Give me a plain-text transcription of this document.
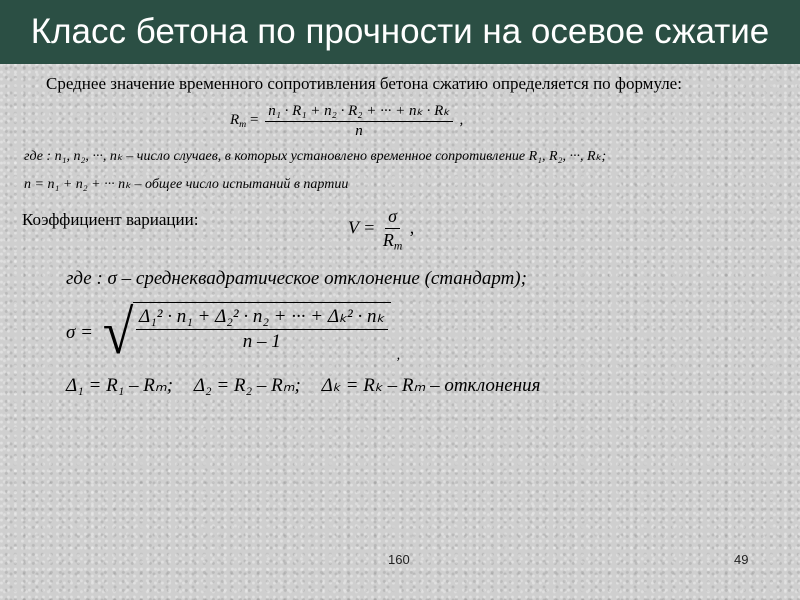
Класс бетона по прочности на осевое сжатие
Среднее значение временного сопротивления бетона сжатию определяется по формуле:
$R_m = \frac{\text{n₁ · R₁ + n₂ · R₂ + ··· + nₖ · Rₖ}}{n}$ ,
где : n₁, n₂, ···, nₖ – число случаев, в которых установлено временное сопротивление R₁, R₂, ···, Rₖ;
n = n₁ + n₂ + ··· nₖ – общее число испытаний в партии
Коэффициент вариации:	$V = \frac{\sigma}{R_m}$ ,
где : σ – среднеквадратическое отклонение (стандарт);
σ = √ $\frac{\text{Δ₁² · n₁ + Δ₂² · n₂ + ··· + Δₖ² · nₖ}}{n - 1}$
,
Δ₁ = R₁ – Rₘ; Δ₂ = R₂ – Rₘ; Δₖ = Rₖ – Rₘ – отклонения
160	49
